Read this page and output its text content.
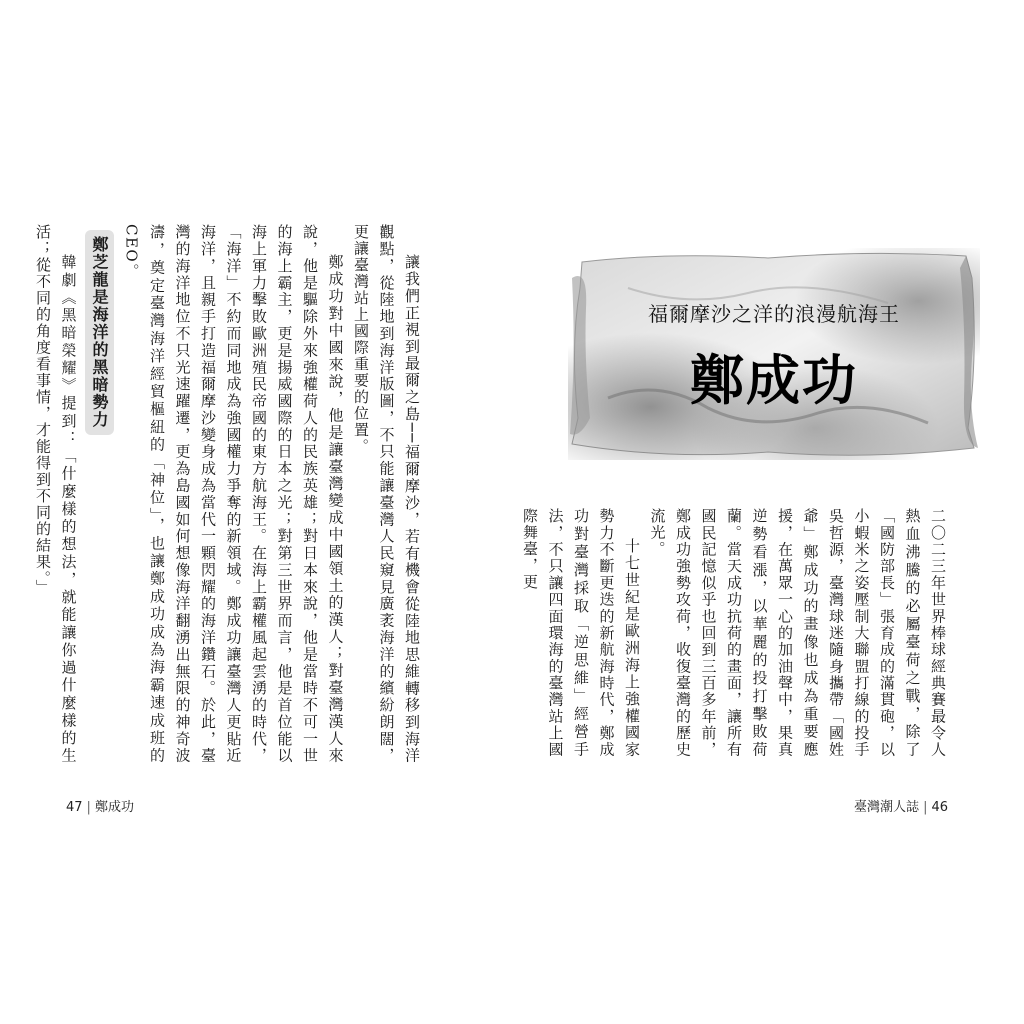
讓我們正視到最爾之島──福爾摩沙，若有機會從陸地思維轉移到海洋觀點，從陸地到海洋版圖，不只能讓臺灣人民窺見廣袤海洋的繽紛朗闊，更讓臺灣站上國際重要的位置。

鄭成功對中國來說，他是讓臺灣變成中國領土的漢人；對臺灣漢人來說，他是驅除外來強權荷人的民族英雄；對日本來說，他是當時不可一世的海上霸主，更是揚威國際的日本之光；對第三世界而言，他是首位能以海上軍力擊敗歐洲殖民帝國的東方航海王。在海上霸權風起雲湧的時代，「海洋」不約而同地成為強國權力爭奪的新領域。鄭成功讓臺灣人更貼近海洋，且親手打造福爾摩沙變身成為當代一顆閃耀的海洋鑽石。於此，臺灣的海洋地位不只光速躍遷，更為島國如何想像海洋翻湧出無限的神奇波濤，奠定臺灣海洋經貿樞紐的「神位」，也讓鄭成功成為海霸速成班的CEO。

鄭芝龍是海洋的黑暗勢力

韓劇《黑暗榮耀》提到：「什麼樣的想法，就能讓你過什麼樣的生活；從不同的角度看事情，才能得到不同的結果。」

47 | 鄭成功
福爾摩沙之洋的浪漫航海王
鄭成功

二〇二三年世界棒球經典賽最令人熱血沸騰的必屬臺荷之戰，除了「國防部長」張育成的滿貫砲，以小蝦米之姿壓制大聯盟打線的投手吳哲源，臺灣球迷隨身攜帶「國姓爺」鄭成功的畫像也成為重要應援，在萬眾一心的加油聲中，果真逆勢看漲，以華麗的投打擊敗荷蘭。當天成功抗荷的畫面，讓所有國民記憶似乎也回到三百多年前，鄭成功強勢攻荷，收復臺灣的歷史流光。

十七世紀是歐洲海上強權國家勢力不斷更迭的新航海時代，鄭成功對臺灣採取「逆思維」經營手法，不只讓四面環海的臺灣站上國際舞臺，更

臺灣潮人誌 | 46
